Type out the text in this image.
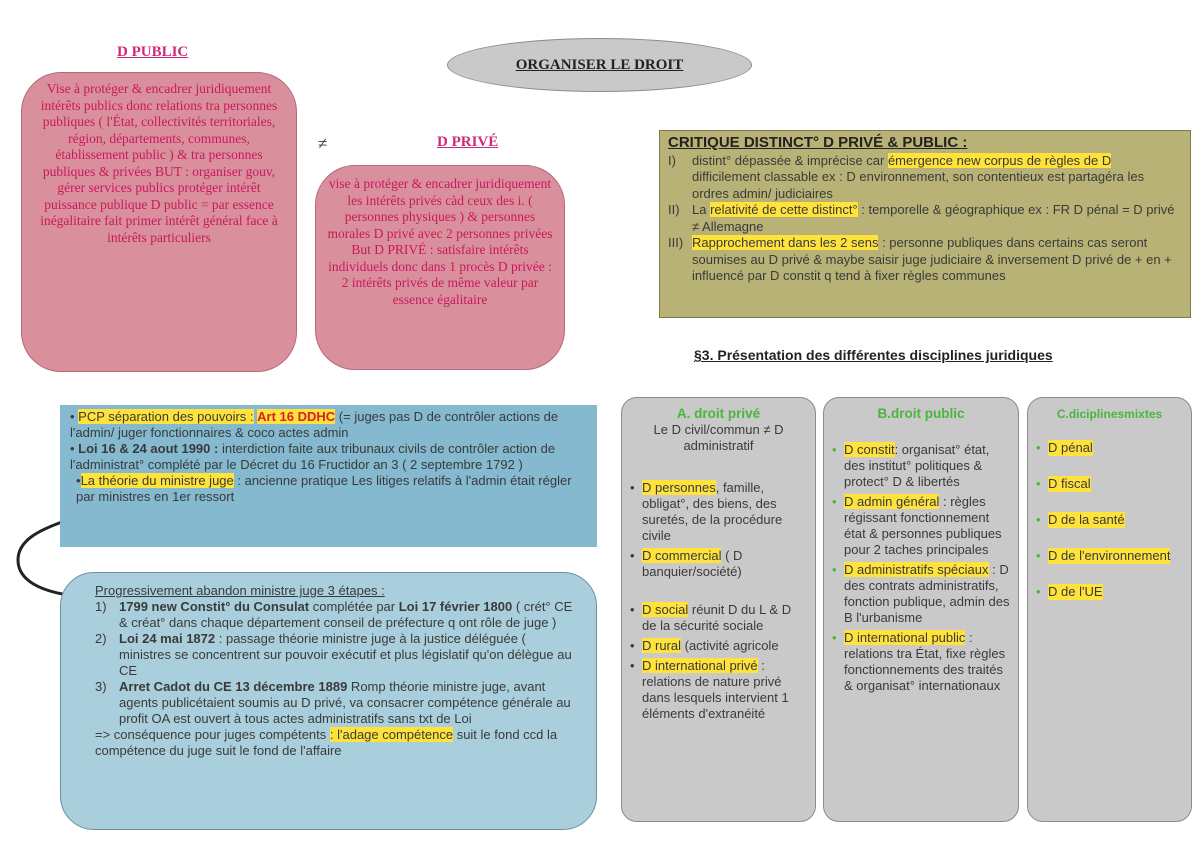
ORGANISER LE DROIT
D PUBLIC
Vise à protéger & encadrer juridiquement intérêts publics donc relations tra personnes publiques ( l'État, collectivités territoriales, région, départements, communes, établissement public ) & tra personnes publiques & privées BUT : organiser gouv, gérer services publics protéger intérêt puissance publique D public = par essence inégalitaire fait primer intérêt général face à intérêts particuliers
≠	D PRIVÉ
vise à protéger & encadrer juridiquement les intérêts privés càd ceux des i. ( personnes physiques ) & personnes morales D privé avec 2 personnes privées But D PRIVÉ : satisfaire intérêts individuels donc dans 1 procès D privée : 2 intérêts privés de même valeur par essence égalitaire
CRITIQUE DISTINCT° D PRIVÉ & PUBLIC :
I)	distint° dépassée & imprécise car émergence new corpus de règles de D difficilement classable ex : D environnement, son contentieux est partagéra les ordres admin/ judiciaires
II) La relativité de cette distinct° : temporelle & géographique ex : FR D pénal = D privé ≠ Allemagne
III) Rapprochement dans les 2 sens : personne publiques dans certains cas seront soumises au D privé & maybe saisir juge judiciaire & inversement D privé de + en + influencé par D constit q tend à fixer règles communes
§3. Présentation des différentes disciplines juridiques
• PCP séparation des pouvoirs : Art 16 DDHC (= juges pas D de contrôler actions de l'admin/ juger fonctionnaires & coco actes admin
• Loi 16 & 24 aout 1990 : interdiction faite aux tribunaux civils de contrôler action de l'administrat° complété par le Décret du 16 Fructidor an 3 ( 2 septembre 1792 )
•La théorie du ministre juge : ancienne pratique Les litiges relatifs à l'admin était régler par ministres en 1er ressort
Progressivement abandon ministre juge 3 étapes :
1) 1799 new Constit° du Consulat complétée par Loi 17 février 1800 ( crét° CE & créat° dans chaque département conseil de préfecture q ont rôle de juge )
2) Loi 24 mai 1872 : passage théorie ministre juge à la justice déléguée ( ministres se concentrent sur pouvoir exécutif et plus législatif qu'on délègue au CE
3) Arret Cadot du CE 13 décembre 1889 Romp théorie ministre juge, avant agents publicétaient soumis au D privé, va consacrer compétence générale au profit OA est ouvert à tous actes administratifs sans txt de Loi
=> conséquence pour juges compétents : l'adage compétence suit le fond ccd la compétence du juge suit le fond de l'affaire
A. droit privé
Le D civil/commun ≠ D administratif
• D personnes, famille, obligat°, des biens, des suretés, de la procédure civile
• D commercial ( D banquier/société)
• D social réunit D du L & D de la sécurité sociale
• D rural (activité agricole
• D international privé : relations de nature privé dans lesquels intervient 1 éléments d'extranéité
B.droit public
• D constit: organisat° état, des institut° politiques & protect° D & libertés
• D admin général : règles régissant fonctionnement état & personnes publiques pour 2 taches principales
• D administratifs spéciaux : D des contrats administratifs, fonction publique, admin des B l'urbanisme
• D international public : relations tra État, fixe règles fonctionnements des traités & organisat° internationaux
C.diciplinesmixtes
• D pénal
• D fiscal
• D de la santé
• D de l'environnement
• D de l'UE
